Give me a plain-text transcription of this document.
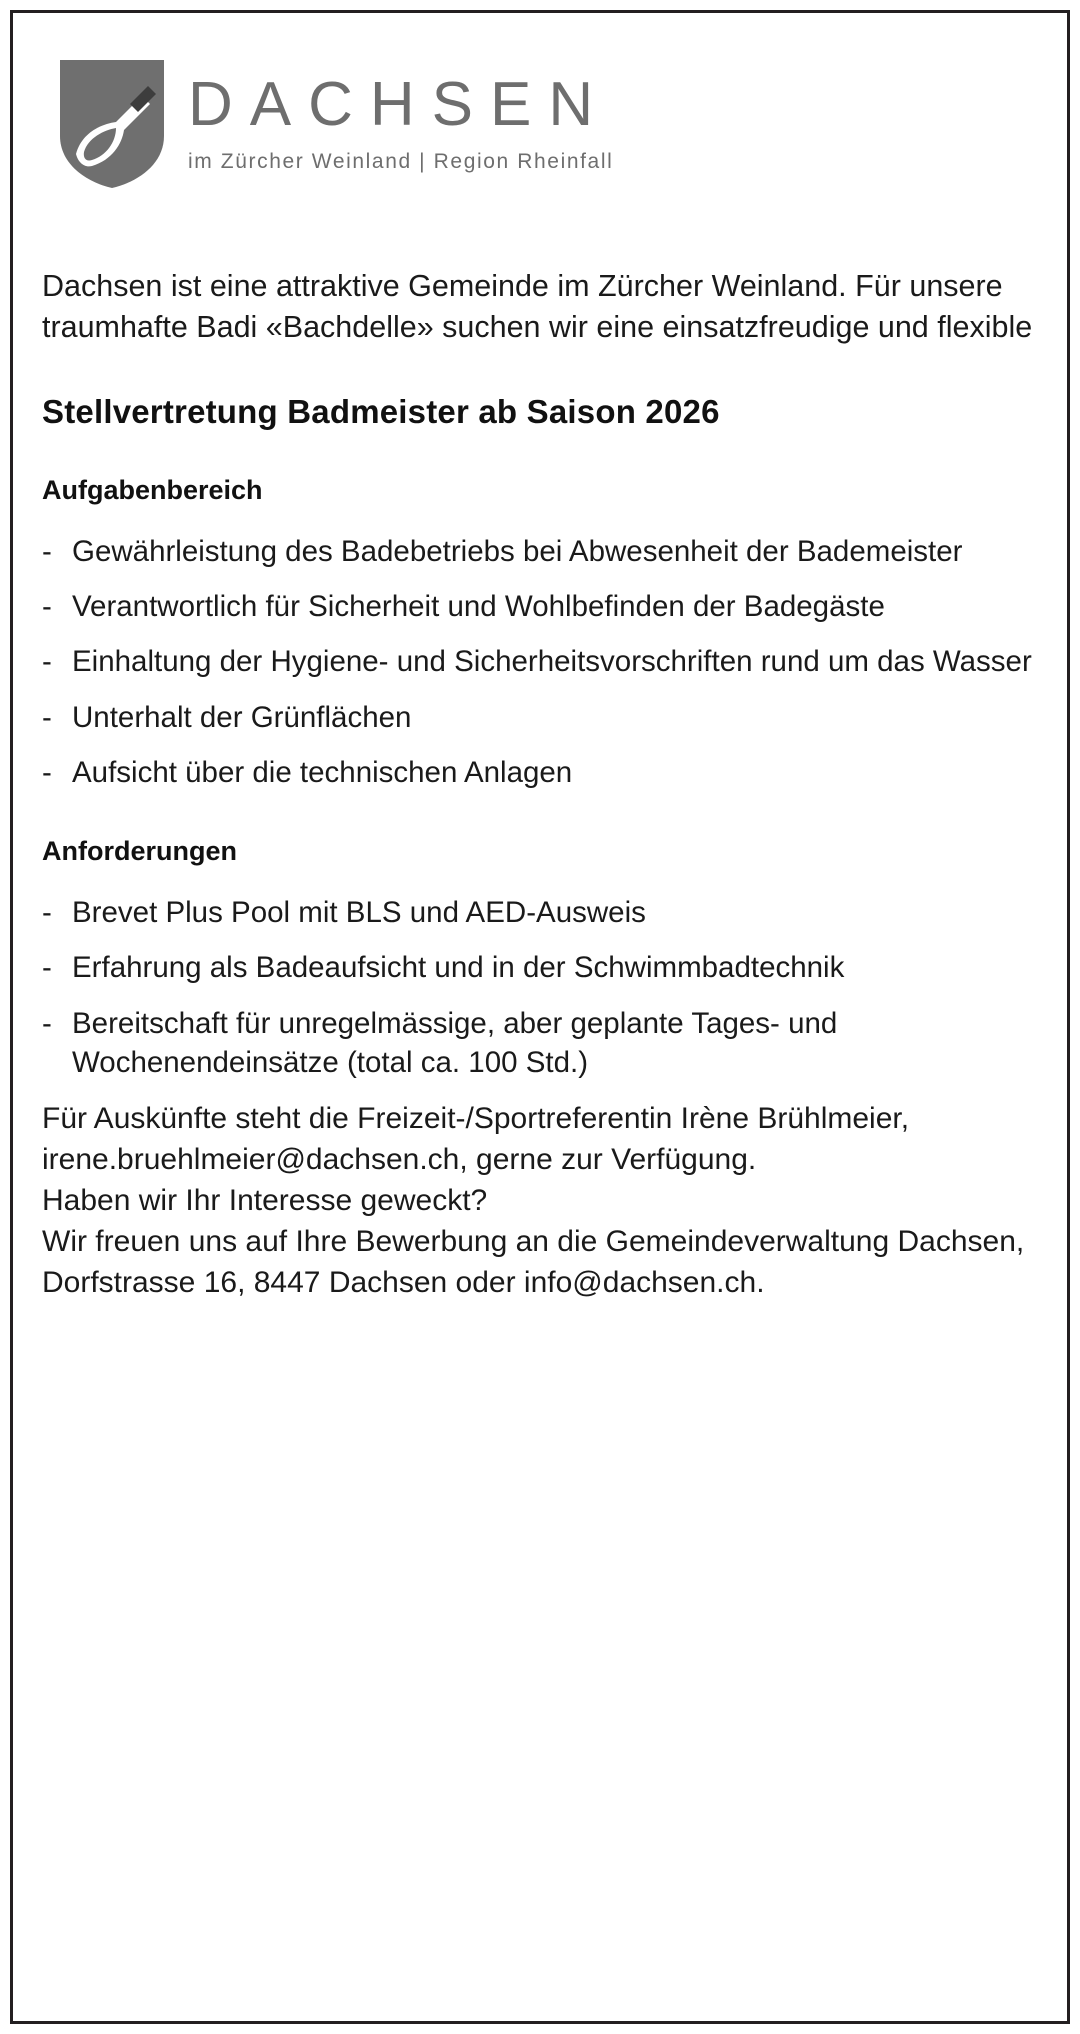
DACHSEN
im Zürcher Weinland | Region Rheinfall

Dachsen ist eine attraktive Gemeinde im Zürcher Weinland. Für unsere traumhafte Badi «Bachdelle» suchen wir eine einsatzfreudige und flexible

Stellvertretung Badmeister ab Saison 2026
Aufgabenbereich
- Gewährleistung des Badebetriebs bei Abwesenheit der Bademeister
- Verantwortlich für Sicherheit und Wohlbefinden der Badegäste
- Einhaltung der Hygiene- und Sicherheitsvorschriften rund um das Wasser
- Unterhalt der Grünflächen
- Aufsicht über die technischen Anlagen
Anforderungen
- Brevet Plus Pool mit BLS und AED-Ausweis
- Erfahrung als Badeaufsicht und in der Schwimmbadtechnik
- Bereitschaft für unregelmässige, aber geplante Tages- und Wochenendeinsätze (total ca. 100 Std.)

Für Auskünfte steht die Freizeit-/Sportreferentin Irène Brühlmeier, irene.bruehlmeier@dachsen.ch, gerne zur Verfügung.

Haben wir Ihr Interesse geweckt?

Wir freuen uns auf Ihre Bewerbung an die Gemeindeverwaltung Dachsen, Dorfstrasse 16, 8447 Dachsen oder info@dachsen.ch.
